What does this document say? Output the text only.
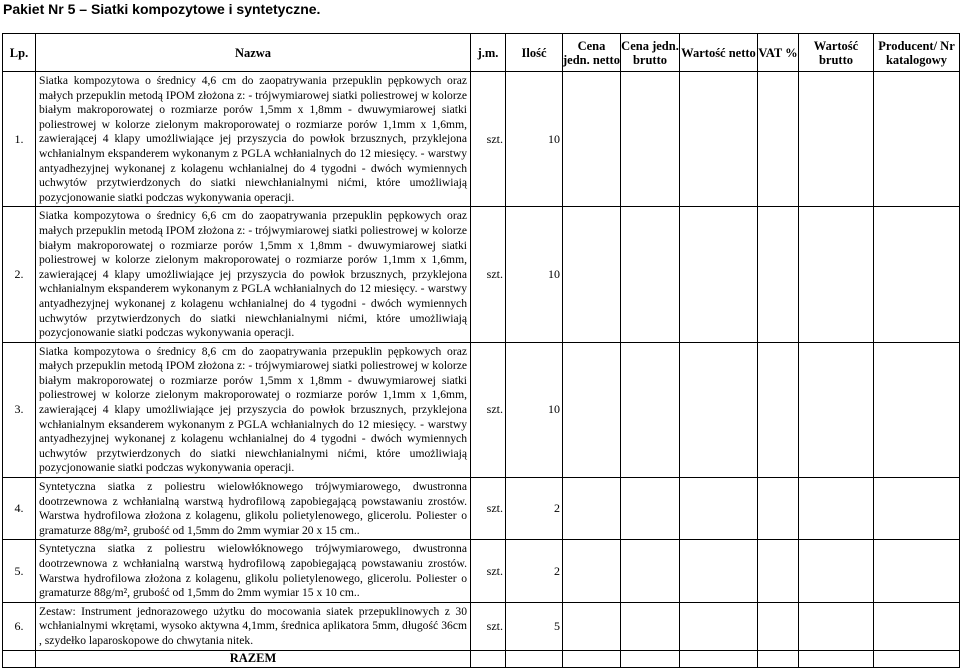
Pakiet Nr 5 – Siatki kompozytowe i syntetyczne.
Lp.	Nazwa	j.m.	Ilość	Cena jedn. netto	Cena jedn. brutto	Wartość netto	VAT %	Wartość brutto	Producent/ Nr katalogowy
1.	Siatka kompozytowa o średnicy 4,6 cm do zaopatrywania przepuklin pępkowych oraz małych przepuklin metodą IPOM złożona z: - trójwymiarowej siatki poliestrowej w kolorze białym makroporowatej o rozmiarze porów 1,5mm x 1,8mm - dwuwymiarowej siatki poliestrowej w kolorze zielonym makroporowatej o rozmiarze porów 1,1mm x 1,6mm, zawierającej 4 klapy umożliwiające jej przyszycia do powłok brzusznych, przyklejona wchłanialnym ekspanderem wykonanym z PGLA wchłanialnych do 12 miesięcy. - warstwy antyadhezyjnej wykonanej z kolagenu wchłanialnej do 4 tygodni - dwóch wymiennych uchwytów przytwierdzonych do siatki niewchłanialnymi nićmi, które umożliwiają pozycjonowanie siatki podczas wykonywania operacji.	szt.	10						
2.	Siatka kompozytowa o średnicy 6,6 cm do zaopatrywania przepuklin pępkowych oraz małych przepuklin metodą IPOM złożona z: - trójwymiarowej siatki poliestrowej w kolorze białym makroporowatej o rozmiarze porów 1,5mm x 1,8mm - dwuwymiarowej siatki poliestrowej w kolorze zielonym makroporowatej o rozmiarze porów 1,1mm x 1,6mm, zawierającej 4 klapy umożliwiające jej przyszycia do powłok brzusznych, przyklejona wchłanialnym ekspanderem wykonanym z PGLA wchłanialnych do 12 miesięcy. - warstwy antyadhezyjnej wykonanej z kolagenu wchłanialnej do 4 tygodni - dwóch wymiennych uchwytów przytwierdzonych do siatki niewchłanialnymi nićmi, które umożliwiają pozycjonowanie siatki podczas wykonywania operacji.	szt.	10						
3.	Siatka kompozytowa o średnicy 8,6 cm do zaopatrywania przepuklin pępkowych oraz małych przepuklin metodą IPOM złożona z: - trójwymiarowej siatki poliestrowej w kolorze białym makroporowatej o rozmiarze porów 1,5mm x 1,8mm - dwuwymiarowej siatki poliestrowej w kolorze zielonym makroporowatej o rozmiarze porów 1,1mm x 1,6mm, zawierającej 4 klapy umożliwiające jej przyszycia do powłok brzusznych, przyklejona wchłanialnym eksanderem wykonanym z PGLA wchłanialnych do 12 miesięcy. - warstwy antyadhezyjnej wykonanej z kolagenu wchłanialnej do 4 tygodni - dwóch wymiennych uchwytów przytwierdzonych do siatki niewchłanialnymi nićmi, które umożliwiają pozycjonowanie siatki podczas wykonywania operacji.	szt.	10						
4.	Syntetyczna siatka z poliestru wielowłóknowego trójwymiarowego, dwustronna dootrzewnowa z wchłanialną warstwą hydrofilową zapobiegającą powstawaniu zrostów. Warstwa hydrofilowa złożona z kolagenu, glikolu polietylenowego, glicerolu. Poliester o gramaturze 88g/m², grubość od 1,5mm do 2mm wymiar 20 x 15 cm..	szt.	2						
5.	Syntetyczna siatka z poliestru wielowłóknowego trójwymiarowego, dwustronna dootrzewnowa z wchłanialną warstwą hydrofilową zapobiegającą powstawaniu zrostów. Warstwa hydrofilowa złożona z kolagenu, glikolu polietylenowego, glicerolu. Poliester o gramaturze 88g/m², grubość od 1,5mm do 2mm wymiar 15 x 10 cm..	szt.	2						
6.	Zestaw: Instrument jednorazowego użytku do mocowania siatek przepuklinowych z 30 wchłanialnymi wkrętami, wysoko aktywna 4,1mm, średnica aplikatora 5mm, długość 36cm , szydełko laparoskopowe do chwytania nitek.	szt.	5						
	RAZEM								
